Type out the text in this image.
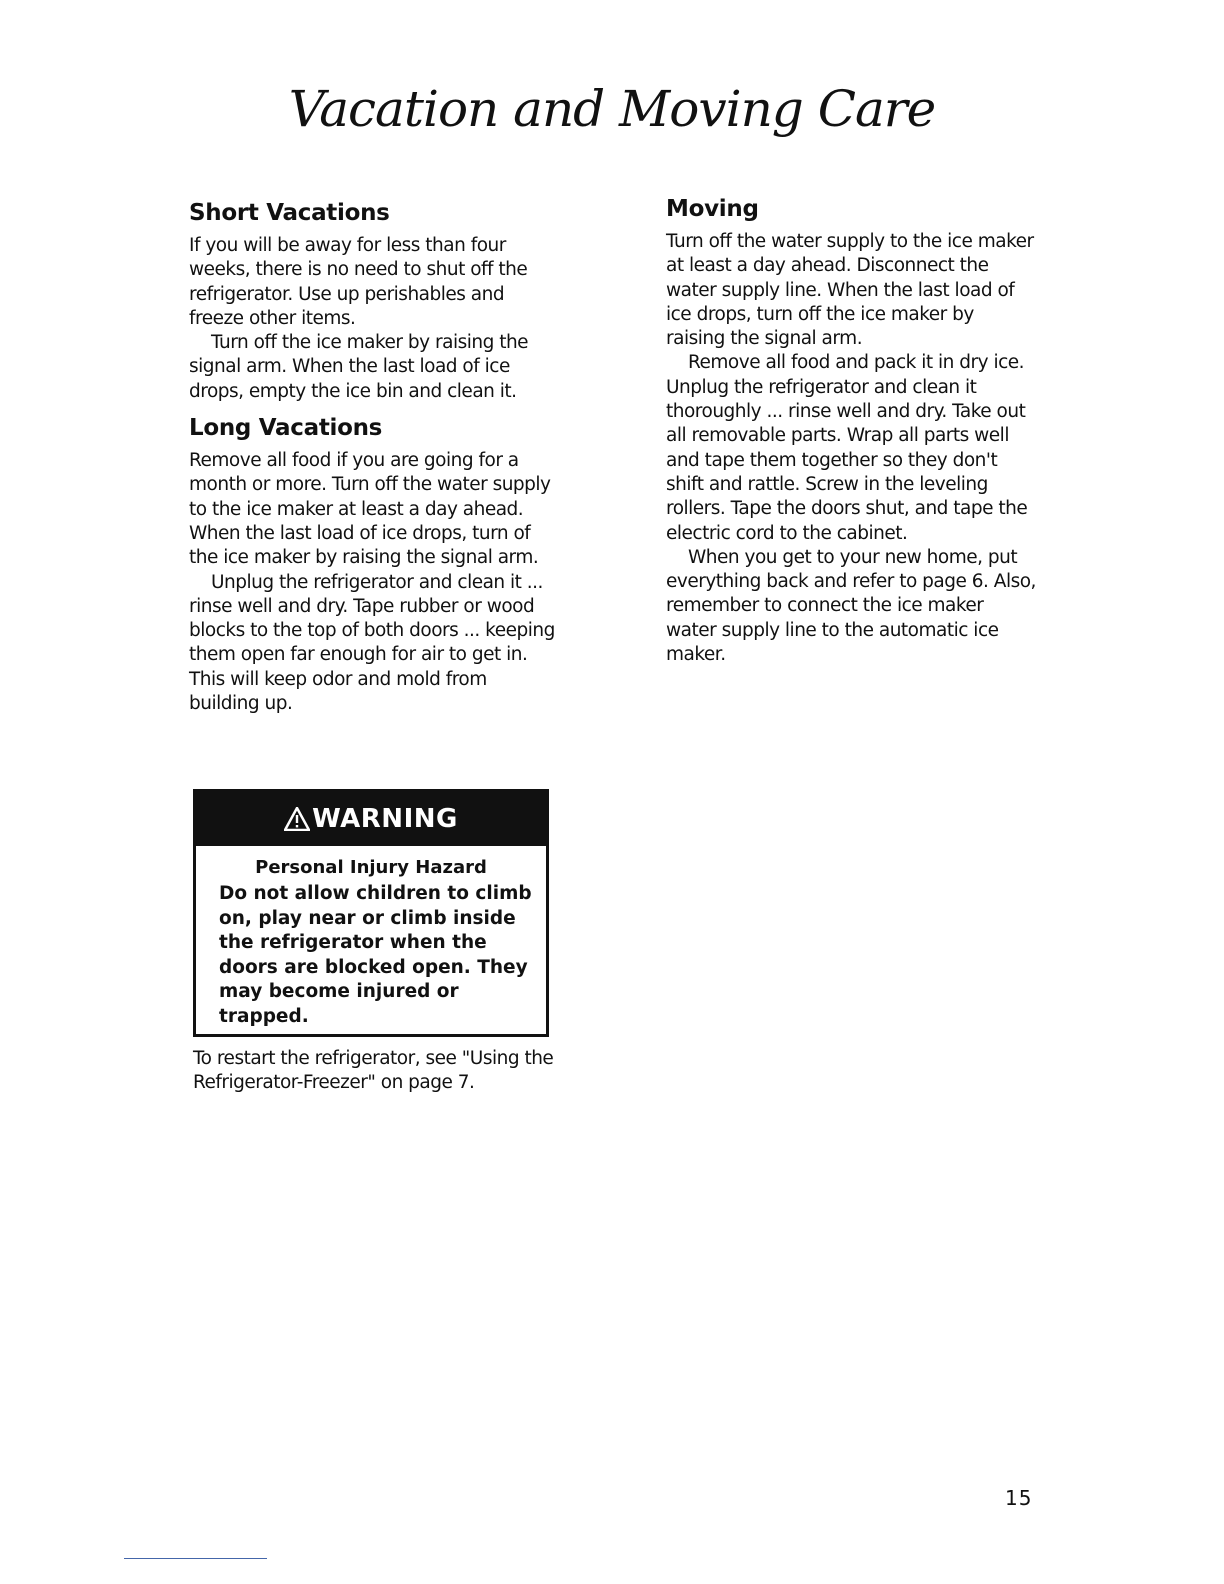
Vacation and Moving Care
Short Vacations

If you will be away for less than four weeks, there is no need to shut off the refrigerator. Use up perishables and freeze other items.

Turn off the ice maker by raising the signal arm. When the last load of ice drops, empty the ice bin and clean it.

Long Vacations

Remove all food if you are going for a month or more. Turn off the water supply to the ice maker at least a day ahead. When the last load of ice drops, turn of the ice maker by raising the signal arm.

Unplug the refrigerator and clean it ... rinse well and dry. Tape rubber or wood blocks to the top of both doors ... keeping them open far enough for air to get in. This will keep odor and mold from building up.

WARNING
Personal Injury Hazard
Do not allow children to climb on, play near or climb inside the refrigerator when the doors are blocked open. They may become injured or trapped.

To restart the refrigerator, see "Using the Refrigerator-Freezer" on page 7.

Moving

Turn off the water supply to the ice maker at least a day ahead. Disconnect the water supply line. When the last load of ice drops, turn off the ice maker by raising the signal arm.

Remove all food and pack it in dry ice. Unplug the refrigerator and clean it thoroughly ... rinse well and dry. Take out all removable parts. Wrap all parts well and tape them together so they don't shift and rattle. Screw in the leveling rollers. Tape the doors shut, and tape the electric cord to the cabinet.

When you get to your new home, put everything back and refer to page 6. Also, remember to connect the ice maker water supply line to the automatic ice maker.

15
